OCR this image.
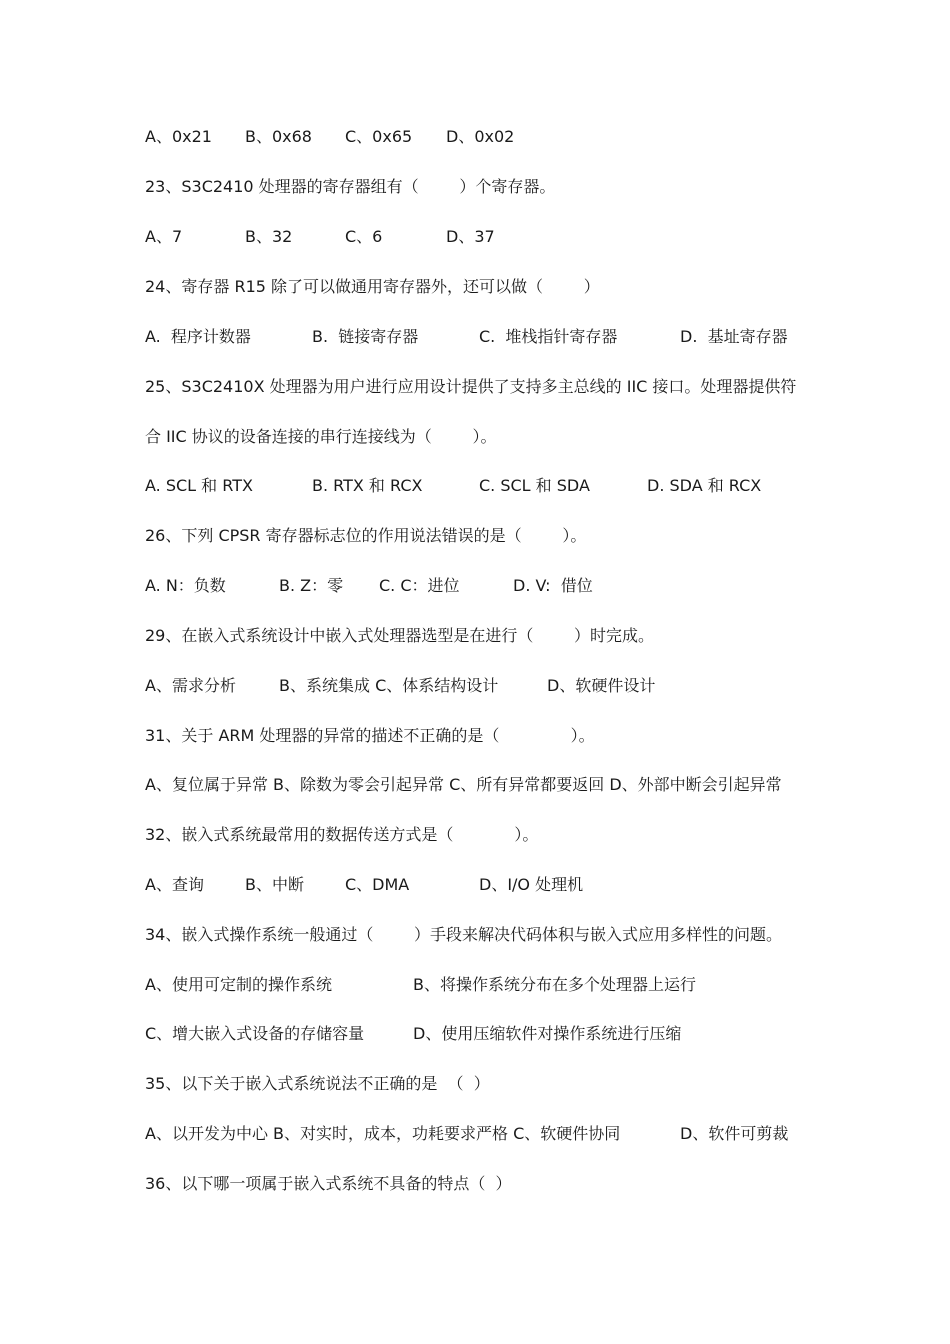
A、0x21

B、0x68

C、0x65

D、0x02

23、S3C2410 处理器的寄存器组有（        ）个寄存器。

A、7

	B、32

	C、6

	D、37

24、寄存器 R15 除了可以做通用寄存器外，还可以做（        ）

A.  程序计数器

	B.  链接寄存器

	C.  堆栈指针寄存器

	D.  基址寄存器

25、S3C2410X 处理器为用户进行应用设计提供了支持多主总线的 IIC 接口。处理器提供符
合 IIC 协议的设备连接的串行连接线为（        ）。

A. SCL 和 RTX

	B. RTX 和 RCX

	C. SCL 和 SDA

	D. SDA 和 RCX

26、下列 CPSR 寄存器标志位的作用说法错误的是（        ）。

A. N：负数

	B. Z：零

C. C：进位

	D. V:  借位

29、在嵌入式系统设计中嵌入式处理器选型是在进行（        ）时完成。

A、需求分析

	B、系统集成 C、体系结构设计

	D、软硬件设计

31、关于 ARM 处理器的异常的描述不正确的是（              ）。
A、复位属于异常 B、除数为零会引起异常 C、所有异常都要返回 D、外部中断会引起异常
32、嵌入式系统最常用的数据传送方式是（            ）。

A、查询

	B、中断

	C、DMA

	D、I/O 处理机

34、嵌入式操作系统一般通过（        ）手段来解决代码体积与嵌入式应用多样性的问题。

A、使用可定制的操作系统

	B、将操作系统分布在多个处理器上运行

C、增大嵌入式设备的存储容量

	D、使用压缩软件对操作系统进行压缩

35、以下关于嵌入式系统说法不正确的是  （  ）

A、以开发为中心 B、对实时，成本，功耗要求严格 C、软硬件协同

	D、软件可剪裁

36、以下哪一项属于嵌入式系统不具备的特点（  ）
